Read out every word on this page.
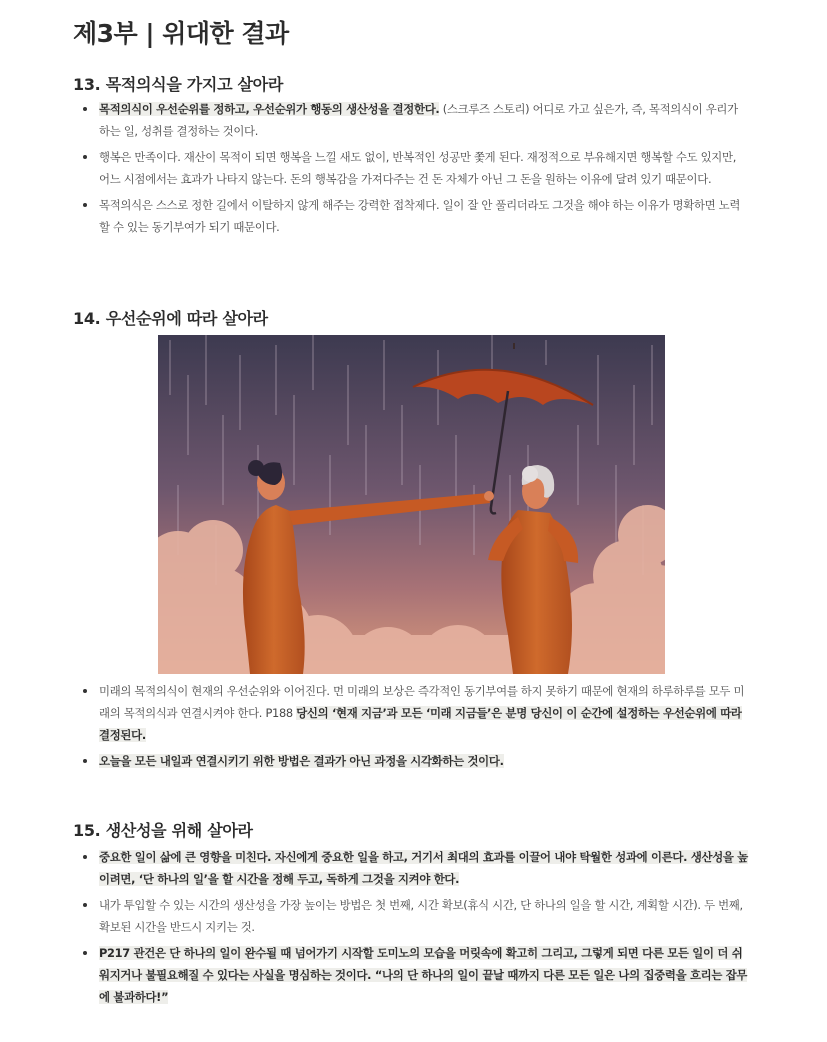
제3부 | 위대한 결과
13. 목적의식을 가지고 살아라
목적의식이 우선순위를 정하고, 우선순위가 행동의 생산성을 결정한다. (스크루즈 스토리) 어디로 가고 싶은가, 즉, 목적의식이 우리가 하는 일, 성취를 결정하는 것이다.
행복은 만족이다. 재산이 목적이 되면 행복을 느낄 새도 없이, 반복적인 성공만 쫓게 된다. 재정적으로 부유해지면 행복할 수도 있지만, 어느 시점에서는 효과가 나타지 않는다. 돈의 행복감을 가져다주는 건 돈 자체가 아닌 그 돈을 원하는 이유에 달려 있기 때문이다.
목적의식은 스스로 정한 길에서 이탈하지 않게 해주는 강력한 접착제다. 일이 잘 안 풀리더라도 그것을 해야 하는 이유가 명확하면 노력할 수 있는 동기부여가 되기 때문이다.
14. 우선순위에 따라 살아라
미래의 목적의식이 현재의 우선순위와 이어진다. 먼 미래의 보상은 즉각적인 동기부여를 하지 못하기 때문에 현재의 하루하루를 모두 미래의 목적의식과 연결시켜야 한다. P188 당신의 ‘현재 지금’과 모든 ‘미래 지금들’은 분명 당신이 이 순간에 설정하는 우선순위에 따라 결정된다.
오늘을 모든 내일과 연결시키기 위한 방법은 결과가 아닌 과정을 시각화하는 것이다.
15. 생산성을 위해 살아라
중요한 일이 삶에 큰 영향을 미친다. 자신에게 중요한 일을 하고, 거기서 최대의 효과를 이끌어 내야 탁월한 성과에 이른다. 생산성을 높이려면, ‘단 하나의 일’을 할 시간을 정해 두고, 독하게 그것을 지켜야 한다.
내가 투입할 수 있는 시간의 생산성을 가장 높이는 방법은 첫 번째, 시간 확보(휴식 시간, 단 하나의 일을 할 시간, 계획할 시간). 두 번째, 확보된 시간을 반드시 지키는 것.
P217 관건은 단 하나의 일이 완수될 때 넘어가기 시작할 도미노의 모습을 머릿속에 확고히 그리고, 그렇게 되면 다른 모든 일이 더 쉬워지거나 불필요해질 수 있다는 사실을 명심하는 것이다. “나의 단 하나의 일이 끝날 때까지 다른 모든 일은 나의 집중력을 흐리는 잡무에 불과하다!”
